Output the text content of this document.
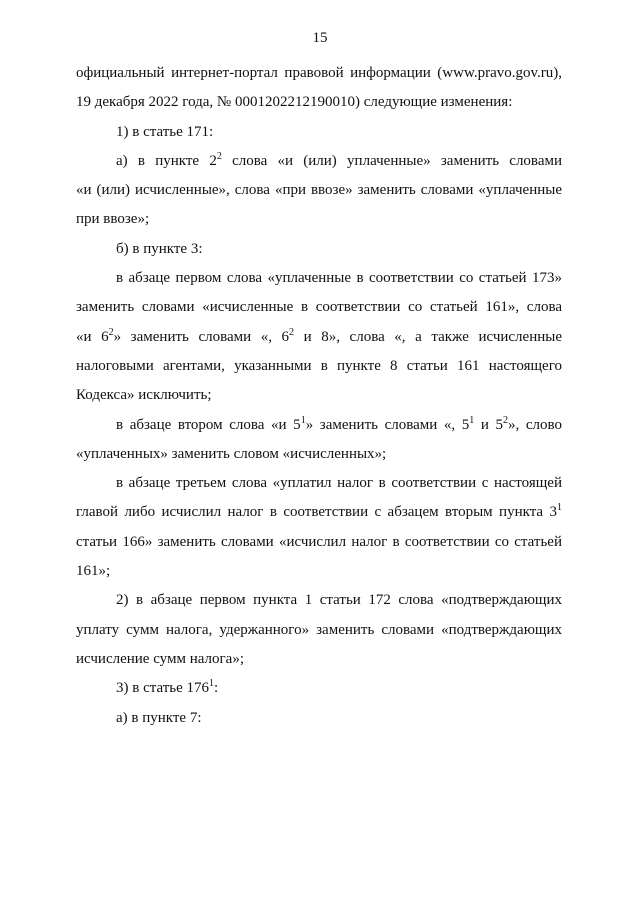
15
официальный интернет-портал правовой информации (www.pravo.gov.ru),
19 декабря 2022 года, № 0001202212190010) следующие изменения:
1) в статье 171:
а) в пункте $2^2$ слова «и (или) уплаченные» заменить словами
«и (или) исчисленные», слова «при ввозе» заменить словами «уплаченные
при ввозе»;
б) в пункте 3:
в абзаце первом слова «уплаченные в соответствии со статьей 173»
заменить словами «исчисленные в соответствии со статьей 161», слова
«и $6^2$» заменить словами «, $6^2$ и 8», слова «, а также исчисленные
налоговыми агентами, указанными в пункте 8 статьи 161 настоящего
Кодекса» исключить;
в абзаце втором слова «и $5^1$» заменить словами «, $5^1$ и $5^2$», слово
«уплаченных» заменить словом «исчисленных»;
в абзаце третьем слова «уплатил налог в соответствии с настоящей
главой либо исчислил налог в соответствии с абзацем вторым пункта $3^1$
статьи 166» заменить словами «исчислил налог в соответствии со статьей
161»;
2) в абзаце первом пункта 1 статьи 172 слова «подтверждающих
уплату сумм налога, удержанного» заменить словами «подтверждающих
исчисление сумм налога»;
3) в статье $176^1$:
а) в пункте 7:
